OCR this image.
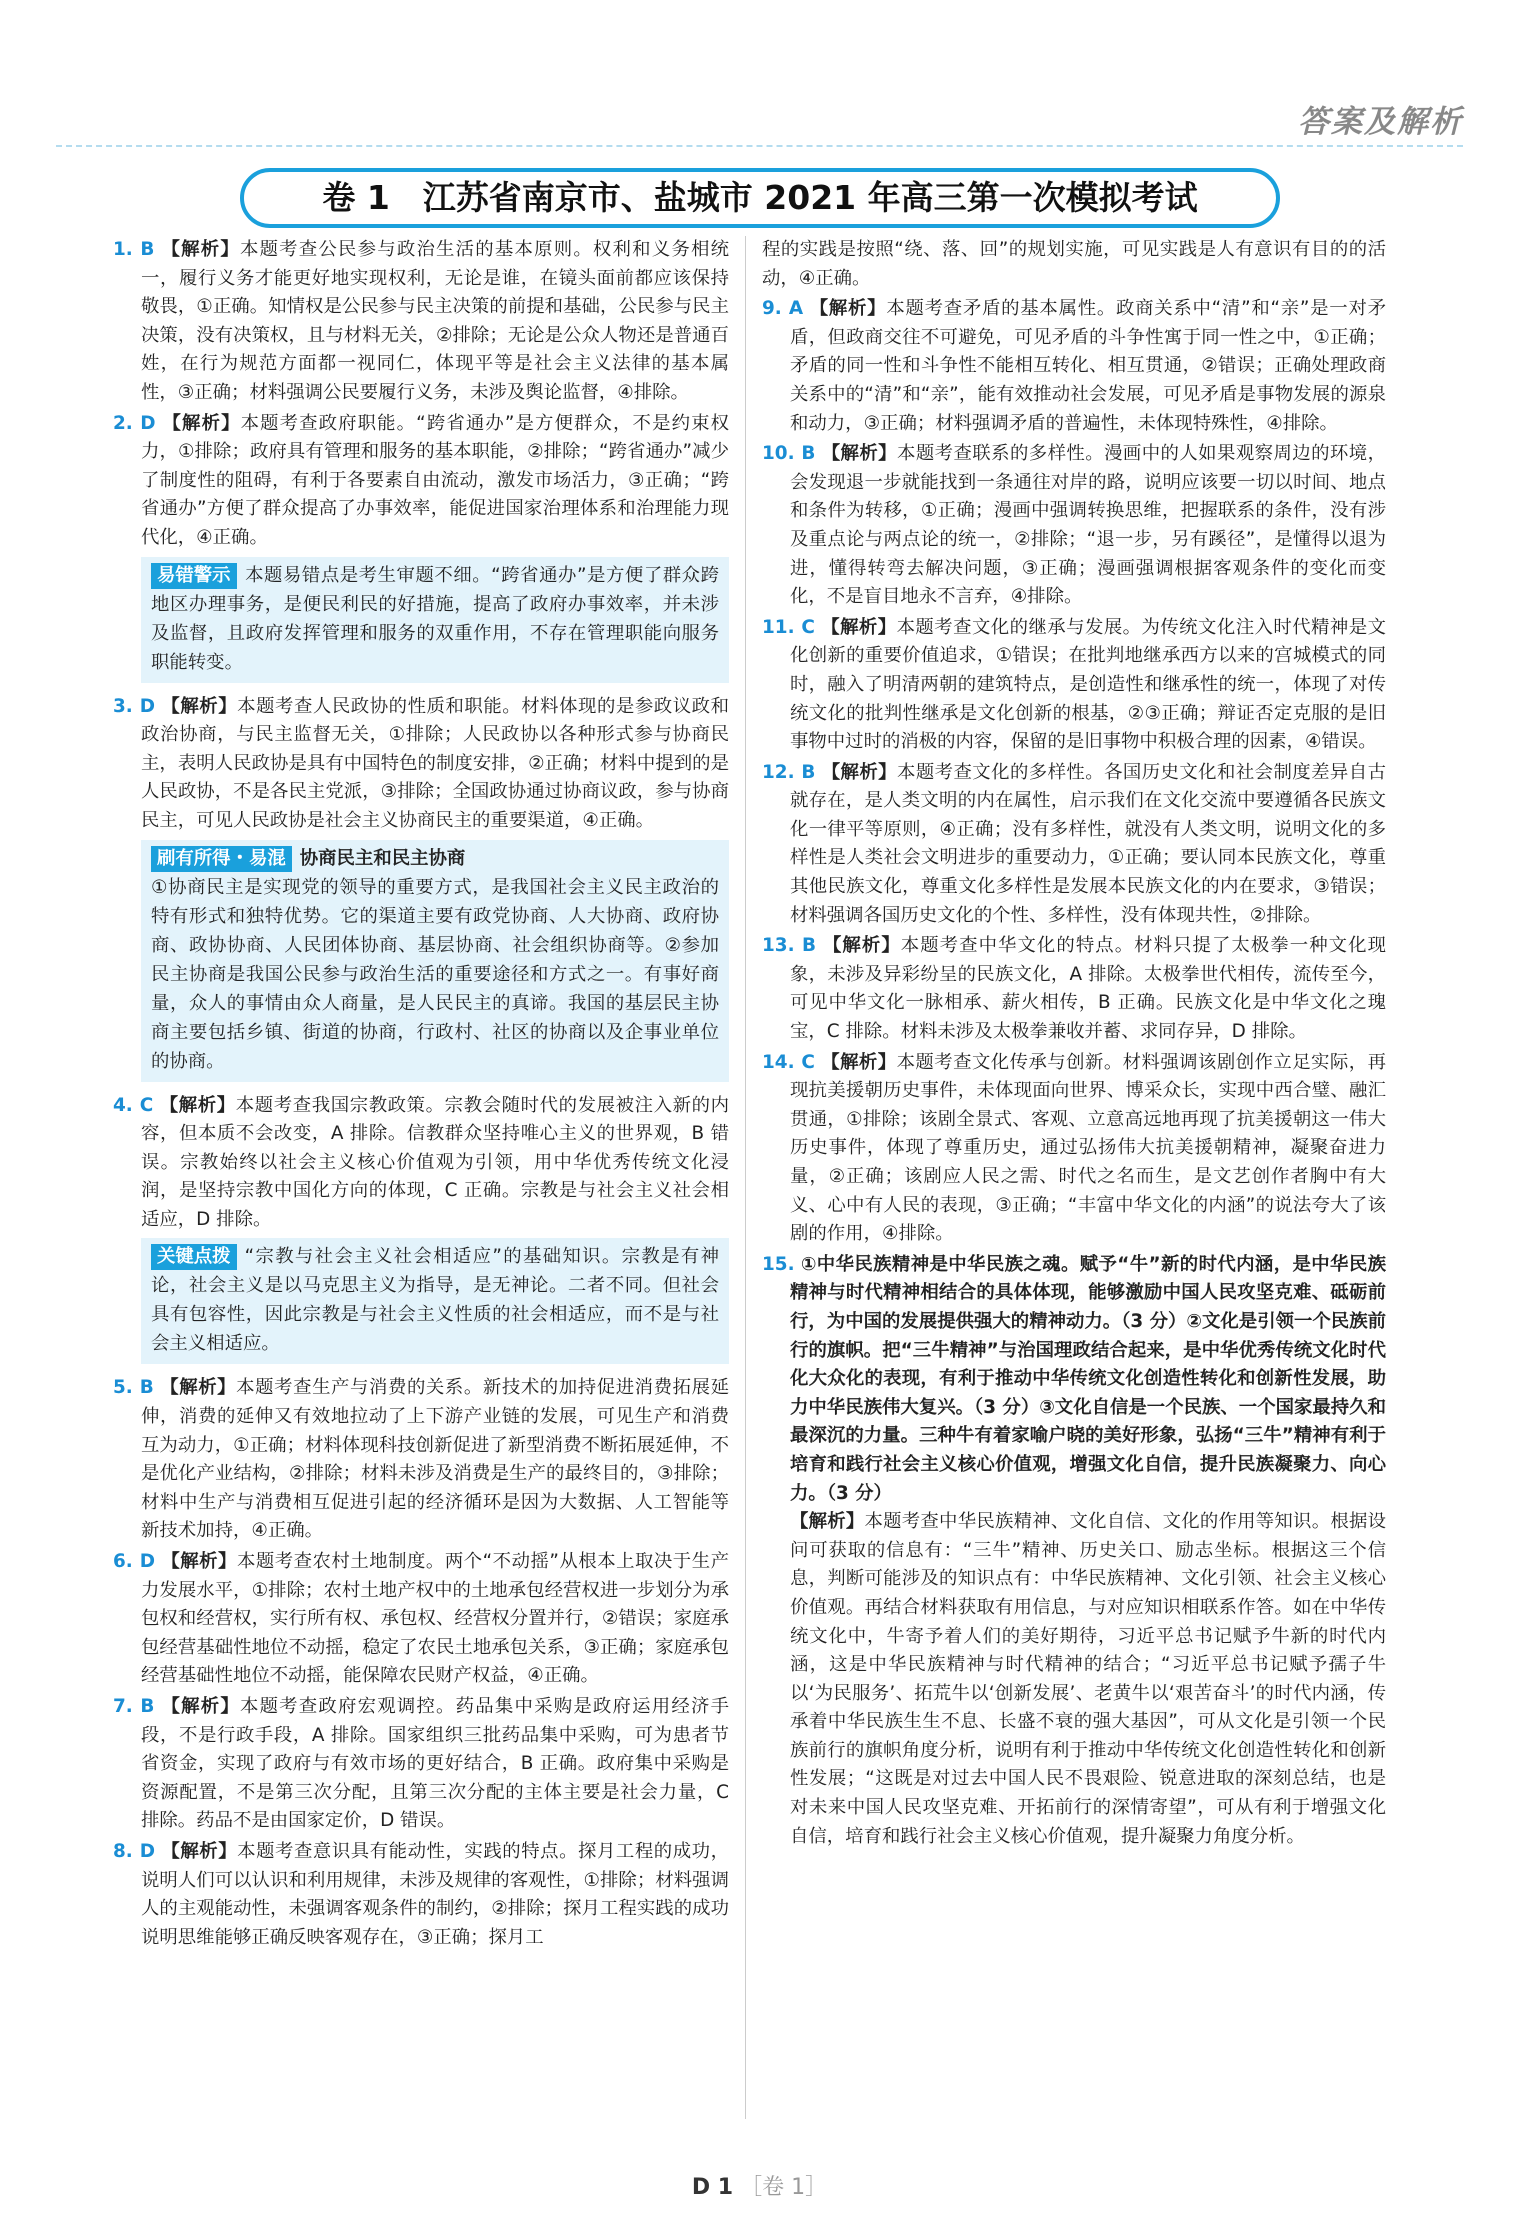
答案及解析
卷 1　江苏省南京市、盐城市 2021 年高三第一次模拟考试
1. B 【解析】本题考查公民参与政治生活的基本原则。权利和义务相统一，履行义务才能更好地实现权利，无论是谁，在镜头面前都应该保持敬畏，①正确。知情权是公民参与民主决策的前提和基础，公民参与民主决策，没有决策权，且与材料无关，②排除；无论是公众人物还是普通百姓，在行为规范方面都一视同仁，体现平等是社会主义法律的基本属性，③正确；材料强调公民要履行义务，未涉及舆论监督，④排除。
2. D 【解析】本题考查政府职能。“跨省通办”是方便群众，不是约束权力，①排除；政府具有管理和服务的基本职能，②排除；“跨省通办”减少了制度性的阻碍，有利于各要素自由流动，激发市场活力，③正确；“跨省通办”方便了群众提高了办事效率，能促进国家治理体系和治理能力现代化，④正确。
易错警示 本题易错点是考生审题不细。“跨省通办”是方便了群众跨地区办理事务，是便民利民的好措施，提高了政府办事效率，并未涉及监督，且政府发挥管理和服务的双重作用，不存在管理职能向服务职能转变。
3. D 【解析】本题考查人民政协的性质和职能。材料体现的是参政议政和政治协商，与民主监督无关，①排除；人民政协以各种形式参与协商民主，表明人民政协是具有中国特色的制度安排，②正确；材料中提到的是人民政协，不是各民主党派，③排除；全国政协通过协商议政，参与协商民主，可见人民政协是社会主义协商民主的重要渠道，④正确。
刷有所得・易混 协商民主和民主协商
①协商民主是实现党的领导的重要方式，是我国社会主义民主政治的特有形式和独特优势。它的渠道主要有政党协商、人大协商、政府协商、政协协商、人民团体协商、基层协商、社会组织协商等。②参加民主协商是我国公民参与政治生活的重要途径和方式之一。有事好商量，众人的事情由众人商量，是人民民主的真谛。我国的基层民主协商主要包括乡镇、街道的协商，行政村、社区的协商以及企事业单位的协商。
4. C 【解析】本题考查我国宗教政策。宗教会随时代的发展被注入新的内容，但本质不会改变，A 排除。信教群众坚持唯心主义的世界观，B 错误。宗教始终以社会主义核心价值观为引领，用中华优秀传统文化浸润，是坚持宗教中国化方向的体现，C 正确。宗教是与社会主义社会相适应，D 排除。
关键点拨 “宗教与社会主义社会相适应”的基础知识。宗教是有神论，社会主义是以马克思主义为指导，是无神论。二者不同。但社会具有包容性，因此宗教是与社会主义性质的社会相适应，而不是与社会主义相适应。
5. B 【解析】本题考查生产与消费的关系。新技术的加持促进消费拓展延伸，消费的延伸又有效地拉动了上下游产业链的发展，可见生产和消费互为动力，①正确；材料体现科技创新促进了新型消费不断拓展延伸，不是优化产业结构，②排除；材料未涉及消费是生产的最终目的，③排除；材料中生产与消费相互促进引起的经济循环是因为大数据、人工智能等新技术加持，④正确。
6. D 【解析】本题考查农村土地制度。两个“不动摇”从根本上取决于生产力发展水平，①排除；农村土地产权中的土地承包经营权进一步划分为承包权和经营权，实行所有权、承包权、经营权分置并行，②错误；家庭承包经营基础性地位不动摇，稳定了农民土地承包关系，③正确；家庭承包经营基础性地位不动摇，能保障农民财产权益，④正确。
7. B 【解析】本题考查政府宏观调控。药品集中采购是政府运用经济手段，不是行政手段，A 排除。国家组织三批药品集中采购，可为患者节省资金，实现了政府与有效市场的更好结合，B 正确。政府集中采购是资源配置，不是第三次分配，且第三次分配的主体主要是社会力量，C 排除。药品不是由国家定价，D 错误。
8. D 【解析】本题考查意识具有能动性，实践的特点。探月工程的成功，说明人们可以认识和利用规律，未涉及规律的客观性，①排除；材料强调人的主观能动性，未强调客观条件的制约，②排除；探月工程实践的成功说明思维能够正确反映客观存在，③正确；探月工
程的实践是按照“绕、落、回”的规划实施，可见实践是人有意识有目的的活动，④正确。
9. A 【解析】本题考查矛盾的基本属性。政商关系中“清”和“亲”是一对矛盾，但政商交往不可避免，可见矛盾的斗争性寓于同一性之中，①正确；矛盾的同一性和斗争性不能相互转化、相互贯通，②错误；正确处理政商关系中的“清”和“亲”，能有效推动社会发展，可见矛盾是事物发展的源泉和动力，③正确；材料强调矛盾的普遍性，未体现特殊性，④排除。
10. B 【解析】本题考查联系的多样性。漫画中的人如果观察周边的环境，会发现退一步就能找到一条通往对岸的路，说明应该要一切以时间、地点和条件为转移，①正确；漫画中强调转换思维，把握联系的条件，没有涉及重点论与两点论的统一，②排除；“退一步，另有蹊径”，是懂得以退为进，懂得转弯去解决问题，③正确；漫画强调根据客观条件的变化而变化，不是盲目地永不言弃，④排除。
11. C 【解析】本题考查文化的继承与发展。为传统文化注入时代精神是文化创新的重要价值追求，①错误；在批判地继承西方以来的宫城模式的同时，融入了明清两朝的建筑特点，是创造性和继承性的统一，体现了对传统文化的批判性继承是文化创新的根基，②③正确；辩证否定克服的是旧事物中过时的消极的内容，保留的是旧事物中积极合理的因素，④错误。
12. B 【解析】本题考查文化的多样性。各国历史文化和社会制度差异自古就存在，是人类文明的内在属性，启示我们在文化交流中要遵循各民族文化一律平等原则，④正确；没有多样性，就没有人类文明，说明文化的多样性是人类社会文明进步的重要动力，①正确；要认同本民族文化，尊重其他民族文化，尊重文化多样性是发展本民族文化的内在要求，③错误；材料强调各国历史文化的个性、多样性，没有体现共性，②排除。
13. B 【解析】本题考查中华文化的特点。材料只提了太极拳一种文化现象，未涉及异彩纷呈的民族文化，A 排除。太极拳世代相传，流传至今，可见中华文化一脉相承、薪火相传，B 正确。民族文化是中华文化之瑰宝，C 排除。材料未涉及太极拳兼收并蓄、求同存异，D 排除。
14. C 【解析】本题考查文化传承与创新。材料强调该剧创作立足实际，再现抗美援朝历史事件，未体现面向世界、博采众长，实现中西合璧、融汇贯通，①排除；该剧全景式、客观、立意高远地再现了抗美援朝这一伟大历史事件，体现了尊重历史，通过弘扬伟大抗美援朝精神，凝聚奋进力量，②正确；该剧应人民之需、时代之名而生，是文艺创作者胸中有大义、心中有人民的表现，③正确；“丰富中华文化的内涵”的说法夸大了该剧的作用，④排除。
15. ①中华民族精神是中华民族之魂。赋予“牛”新的时代内涵，是中华民族精神与时代精神相结合的具体体现，能够激励中国人民攻坚克难、砥砺前行，为中国的发展提供强大的精神动力。（3 分）②文化是引领一个民族前行的旗帜。把“三牛精神”与治国理政结合起来，是中华优秀传统文化时代化大众化的表现，有利于推动中华传统文化创造性转化和创新性发展，助力中华民族伟大复兴。（3 分）③文化自信是一个民族、一个国家最持久和最深沉的力量。三种牛有着家喻户晓的美好形象，弘扬“三牛”精神有利于培育和践行社会主义核心价值观，增强文化自信，提升民族凝聚力、向心力。（3 分）
【解析】本题考查中华民族精神、文化自信、文化的作用等知识。根据设问可获取的信息有：“三牛”精神、历史关口、励志坐标。根据这三个信息，判断可能涉及的知识点有：中华民族精神、文化引领、社会主义核心价值观。再结合材料获取有用信息，与对应知识相联系作答。如在中华传统文化中，牛寄予着人们的美好期待，习近平总书记赋予牛新的时代内涵，这是中华民族精神与时代精神的结合；“习近平总书记赋予孺子牛以‘为民服务’、拓荒牛以‘创新发展’、老黄牛以‘艰苦奋斗’的时代内涵，传承着中华民族生生不息、长盛不衰的强大基因”，可从文化是引领一个民族前行的旗帜角度分析，说明有利于推动中华传统文化创造性转化和创新性发展；“这既是对过去中国人民不畏艰险、锐意进取的深刻总结，也是对未来中国人民攻坚克难、开拓前行的深情寄望”，可从有利于增强文化自信，培育和践行社会主义核心价值观，提升凝聚力角度分析。
D 1 ［卷 1］
